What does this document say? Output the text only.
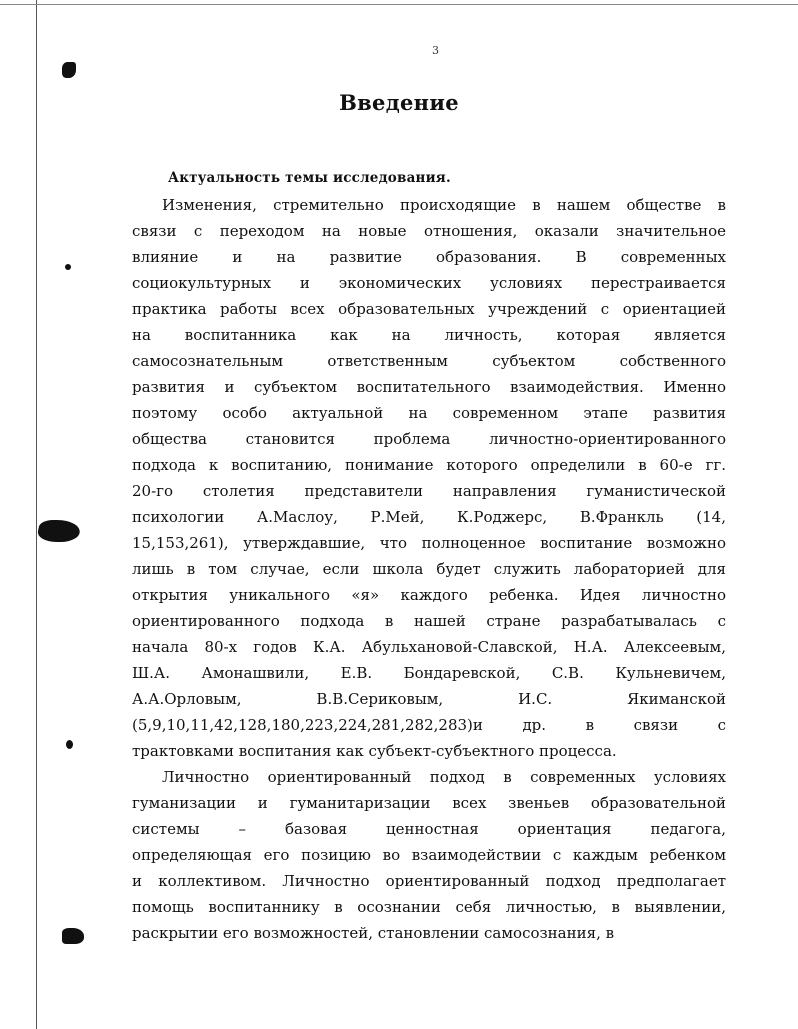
3
Введение
Актуальность темы исследования.
Изменения, стремительно происходящие в нашем обществе в
связи с переходом на новые отношения, оказали значительное
влияние и на развитие образования. В современных
социокультурных и экономических условиях перестраивается
практика работы всех образовательных учреждений с ориентацией
на воспитанника как на личность, которая является
самосознательным ответственным субъектом собственного
развития и субъектом воспитательного взаимодействия. Именно
поэтому особо актуальной на современном этапе развития
общества становится проблема личностно-ориентированного
подхода к воспитанию, понимание которого определили в 60-е гг.
20-го столетия представители направления гуманистической
психологии А.Маслоу, Р.Мей, К.Роджерс, В.Франкль (14,
15,153,261), утверждавшие, что полноценное воспитание возможно
лишь в том случае, если школа будет служить лабораторией для
открытия уникального «я» каждого ребенка. Идея личностно
ориентированного подхода в нашей стране разрабатывалась с
начала 80-х годов К.А. Абульхановой-Славской, Н.А. Алексеевым,
Ш.А. Амонашвили, Е.В. Бондаревской, С.В. Кульневичем,
А.А.Орловым, В.В.Сериковым, И.С. Якиманской
(5,9,10,11,42,128,180,223,224,281,282,283)и др. в связи с
трактовками воспитания как субъект-субъектного процесса.
Личностно ориентированный подход в современных условиях
гуманизации и гуманитаризации всех звеньев образовательной
системы – базовая ценностная ориентация педагога,
определяющая его позицию во взаимодействии с каждым ребенком
и коллективом. Личностно ориентированный подход предполагает
помощь воспитаннику в осознании себя личностью, в выявлении,
раскрытии его возможностей, становлении самосознания, в
